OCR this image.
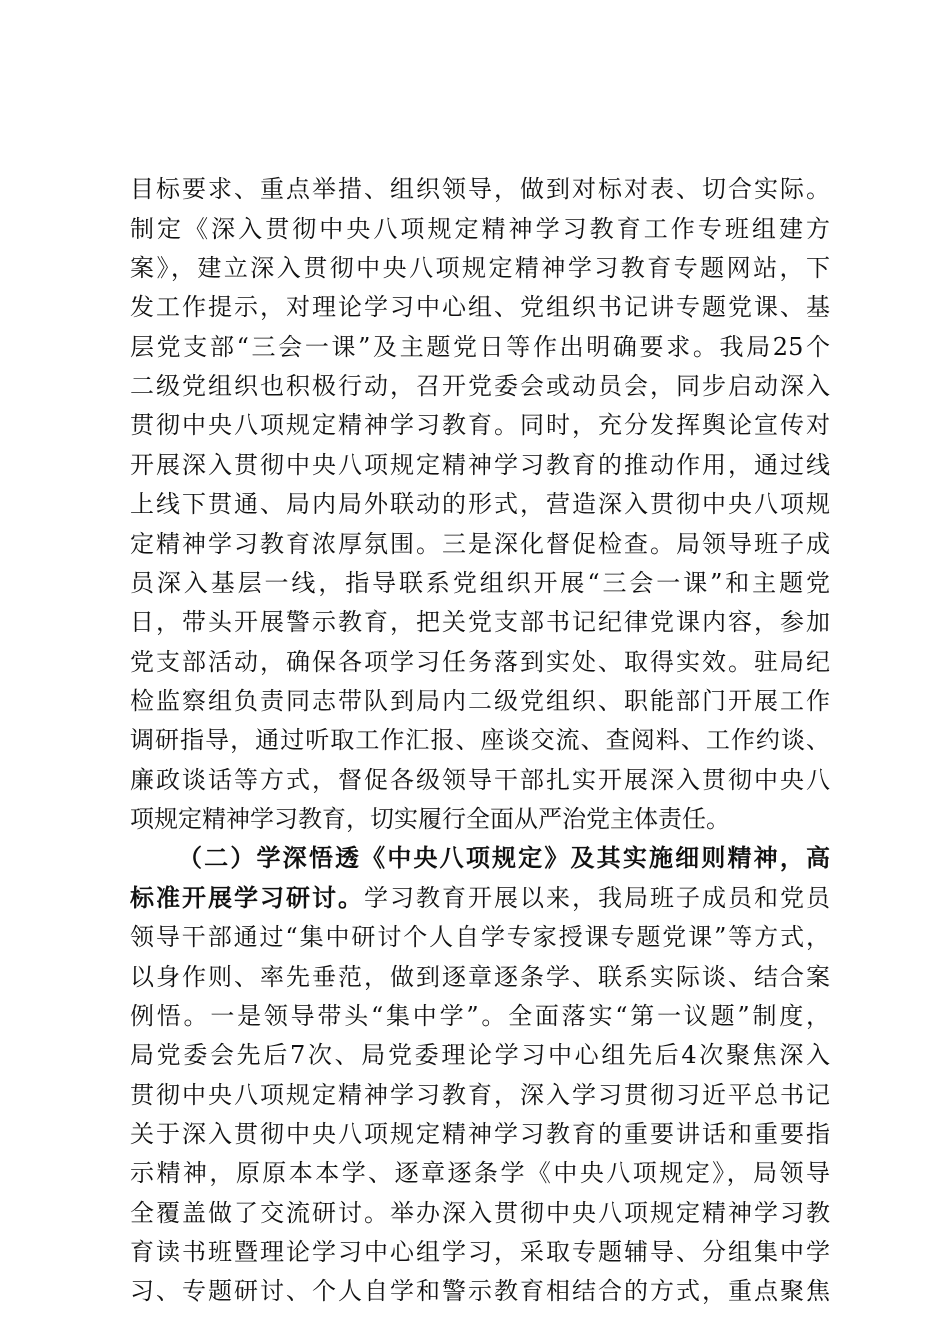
目标要求、重点举措、组织领导，做到对标对表、切合实际。
制定《深入贯彻中央八项规定精神学习教育工作专班组建方
案》，建立深入贯彻中央八项规定精神学习教育专题网站，下
发工作提示，对理论学习中心组、党组织书记讲专题党课、基
层党支部“三会一课”及主题党日等作出明确要求。我局25个
二级党组织也积极行动，召开党委会或动员会，同步启动深入
贯彻中央八项规定精神学习教育。同时，充分发挥舆论宣传对
开展深入贯彻中央八项规定精神学习教育的推动作用，通过线
上线下贯通、局内局外联动的形式，营造深入贯彻中央八项规
定精神学习教育浓厚氛围。三是深化督促检查。局领导班子成
员深入基层一线，指导联系党组织开展“三会一课”和主题党
日，带头开展警示教育，把关党支部书记纪律党课内容，参加
党支部活动，确保各项学习任务落到实处、取得实效。驻局纪
检监察组负责同志带队到局内二级党组织、职能部门开展工作
调研指导，通过听取工作汇报、座谈交流、查阅料、工作约谈、
廉政谈话等方式，督促各级领导干部扎实开展深入贯彻中央八
项规定精神学习教育，切实履行全面从严治党主体责任。
（二）学深悟透《中央八项规定》及其实施细则精神，高
标准开展学习研讨。学习教育开展以来，我局班子成员和党员
领导干部通过“集中研讨个人自学专家授课专题党课”等方式，
以身作则、率先垂范，做到逐章逐条学、联系实际谈、结合案
例悟。一是领导带头“集中学”。全面落实“第一议题”制度，
局党委会先后7次、局党委理论学习中心组先后4次聚焦深入
贯彻中央八项规定精神学习教育，深入学习贯彻习近平总书记
关于深入贯彻中央八项规定精神学习教育的重要讲话和重要指
示精神，原原本本学、逐章逐条学《中央八项规定》，局领导
全覆盖做了交流研讨。举办深入贯彻中央八项规定精神学习教
育读书班暨理论学习中心组学习，采取专题辅导、分组集中学
习、专题研讨、个人自学和警示教育相结合的方式，重点聚焦
